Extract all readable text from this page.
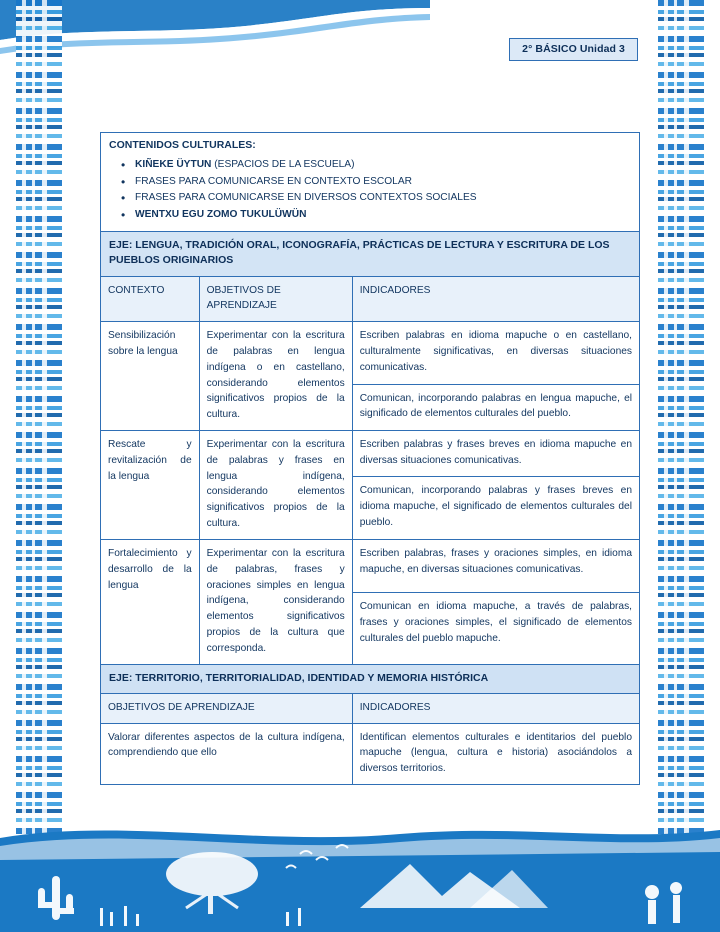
2° BÁSICO Unidad 3
CONTENIDOS CULTURALES:
• KIÑEKE ÜYTUN (ESPACIOS DE LA ESCUELA)
• FRASES PARA COMUNICARSE EN CONTEXTO ESCOLAR
• FRASES PARA COMUNICARSE EN DIVERSOS CONTEXTOS SOCIALES
• WENTXU EGU ZOMO TUKULÜWÜN
EJE: LENGUA, TRADICIÓN ORAL, ICONOGRAFÍA, PRÁCTICAS DE LECTURA Y ESCRITURA DE LOS PUEBLOS ORIGINARIOS
CONTEXTO	OBJETIVOS DE APRENDIZAJE	INDICADORES
Sensibilización sobre la lengua	Experimentar con la escritura de palabras en lengua indígena o en castellano, considerando elementos significativos propios de la cultura.	Escriben palabras en idioma mapuche o en castellano, culturalmente significativas, en diversas situaciones comunicativas.
		Comunican, incorporando palabras en lengua mapuche, el significado de elementos culturales del pueblo.
Rescate y revitalización de la lengua	Experimentar con la escritura de palabras y frases en lengua indígena, considerando elementos significativos propios de la cultura.	Escriben palabras y frases breves en idioma mapuche en diversas situaciones comunicativas.
		Comunican, incorporando palabras y frases breves en idioma mapuche, el significado de elementos culturales del pueblo.
Fortalecimiento y desarrollo de la lengua	Experimentar con la escritura de palabras, frases y oraciones simples en lengua indígena, considerando elementos significativos propios de la cultura que corresponda.	Escriben palabras, frases y oraciones simples, en idioma mapuche, en diversas situaciones comunicativas.
		Comunican en idioma mapuche, a través de palabras, frases y oraciones simples, el significado de elementos culturales del pueblo mapuche.
EJE: TERRITORIO, TERRITORIALIDAD, IDENTIDAD Y MEMORIA HISTÓRICA
OBJETIVOS DE APRENDIZAJE	INDICADORES
Valorar diferentes aspectos de la cultura indígena, comprendiendo que ello	Identifican elementos culturales e identitarios del pueblo mapuche (lengua, cultura e historia) asociándolos a diversos territorios.
